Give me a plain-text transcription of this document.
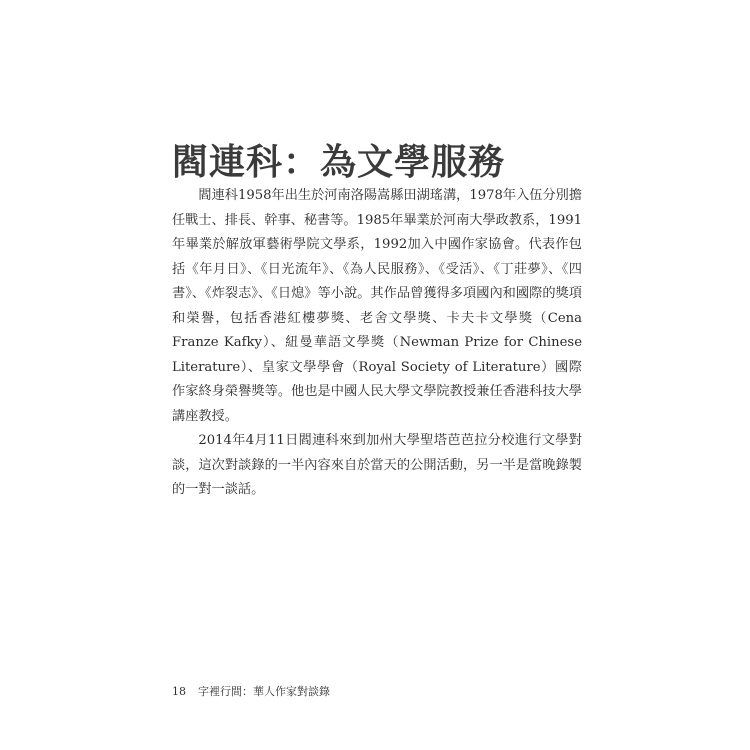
閻連科：為文學服務

閻連科1958年出生於河南洛陽嵩縣田湖瑤溝，1978年入伍分別擔任戰士、排長、幹事、秘書等。1985年畢業於河南大學政教系，1991年畢業於解放軍藝術學院文學系，1992加入中國作家協會。代表作包括《年月日》、《日光流年》、《為人民服務》、《受活》、《丁莊夢》、《四書》、《炸裂志》、《日熄》等小說。其作品曾獲得多項國內和國際的獎項和榮譽，包括香港紅樓夢獎、老舍文學獎、卡夫卡文學獎（Cena Franze Kafky）、紐曼華語文學獎（Newman Prize for Chinese Literature）、皇家文學學會（Royal Society of Literature）國際作家終身榮譽獎等。他也是中國人民大學文學院教授兼任香港科技大學講座教授。

2014年4月11日閻連科來到加州大學聖塔芭芭拉分校進行文學對談，這次對談錄的一半內容來自於當天的公開活動，另一半是當晚錄製的一對一談話。

18 字裡行間：華人作家對談錄
